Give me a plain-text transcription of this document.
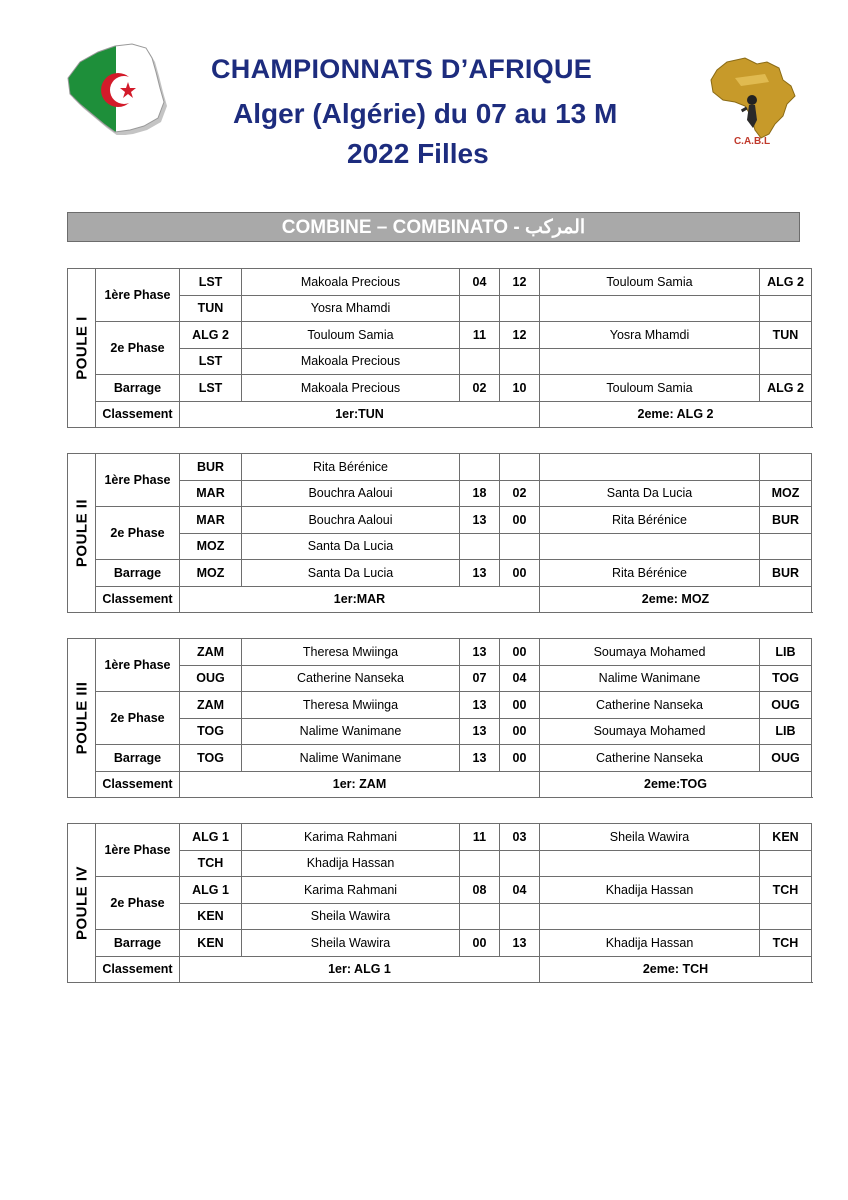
CHAMPIONNATS D’AFRIQUE
Alger (Algérie) du 07 au 13 M
2022 Filles	C.A.B.L
COMBINE – COMBINATO - المركب
POULE I	1ère Phase	LST	Makoala Precious	04	12	Touloum Samia	ALG 2
		TUN	Yosra Mhamdi				
	2e Phase	ALG 2	Touloum Samia	11	12	Yosra Mhamdi	TUN
		LST	Makoala Precious				
	Barrage	LST	Makoala Precious	02	10	Touloum Samia	ALG 2
	Classement	1er:TUN				2eme: ALG 2	
POULE II	1ère Phase	BUR	Rita Bérénice				
		MAR	Bouchra Aaloui	18	02	Santa Da Lucia	MOZ
	2e Phase	MAR	Bouchra Aaloui	13	00	Rita Bérénice	BUR
		MOZ	Santa Da Lucia				
	Barrage	MOZ	Santa Da Lucia	13	00	Rita Bérénice	BUR
	Classement	1er:MAR				2eme: MOZ	
POULE III	1ère Phase	ZAM	Theresa Mwiinga	13	00	Soumaya Mohamed	LIB
		OUG	Catherine Nanseka	07	04	Nalime Wanimane	TOG
	2e Phase	ZAM	Theresa Mwiinga	13	00	Catherine Nanseka	OUG
		TOG	Nalime Wanimane	13	00	Soumaya Mohamed	LIB
	Barrage	TOG	Nalime Wanimane	13	00	Catherine Nanseka	OUG
	Classement	1er: ZAM				2eme:TOG	
POULE IV	1ère Phase	ALG 1	Karima Rahmani	11	03	Sheila Wawira	KEN
		TCH	Khadija Hassan				
	2e Phase	ALG 1	Karima Rahmani	08	04	Khadija Hassan	TCH
		KEN	Sheila Wawira				
	Barrage	KEN	Sheila Wawira	00	13	Khadija Hassan	TCH
	Classement	1er: ALG 1				2eme: TCH	
